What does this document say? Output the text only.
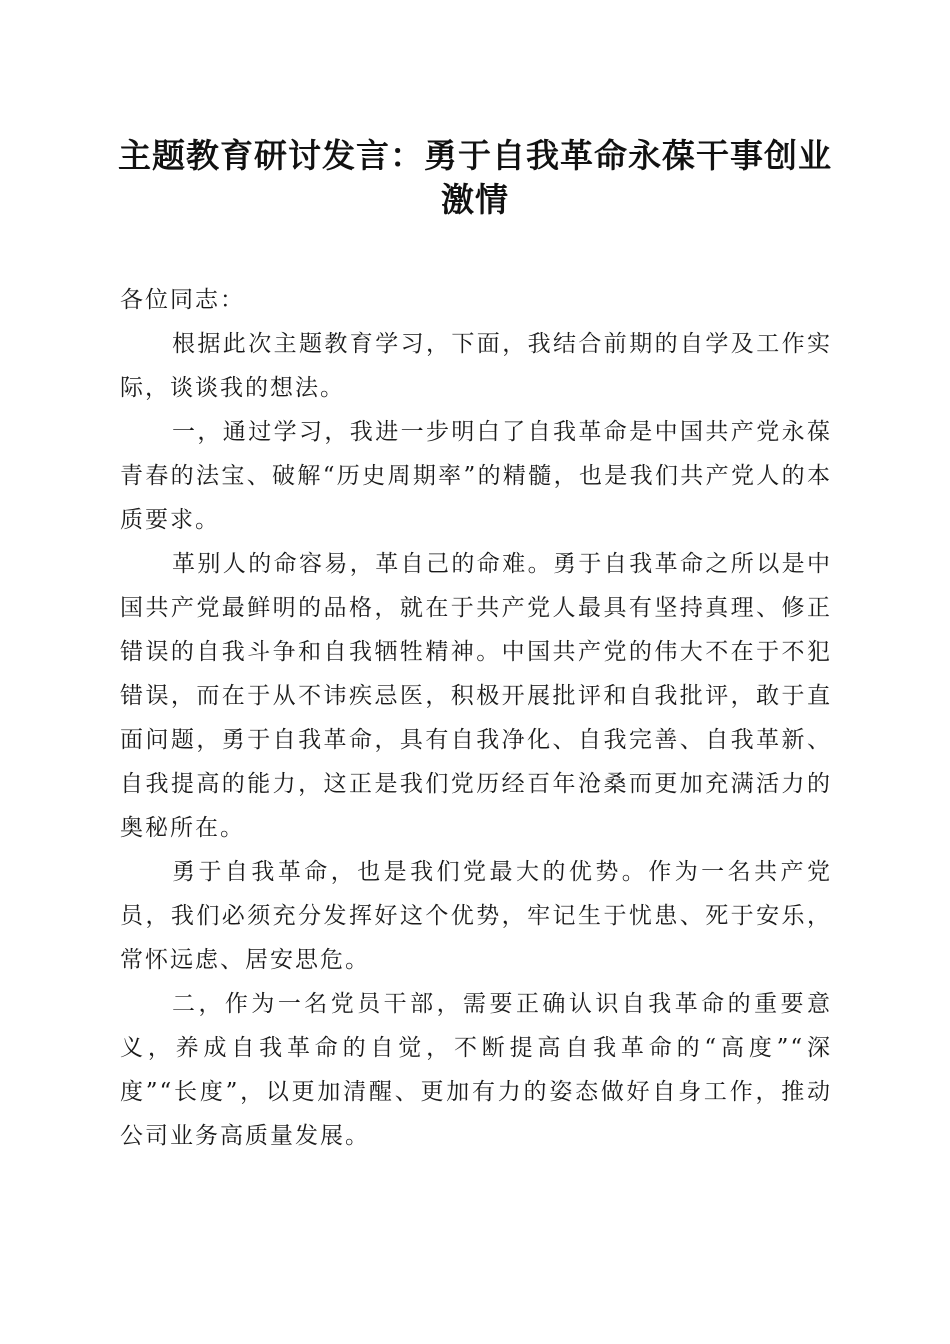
主题教育研讨发言：勇于自我革命永葆干事创业激情

各位同志：

根据此次主题教育学习，下面，我结合前期的自学及工作实际，谈谈我的想法。

一，通过学习，我进一步明白了自我革命是中国共产党永葆青春的法宝、破解“历史周期率”的精髓，也是我们共产党人的本质要求。

革别人的命容易，革自己的命难。勇于自我革命之所以是中国共产党最鲜明的品格，就在于共产党人最具有坚持真理、修正错误的自我斗争和自我牺牲精神。中国共产党的伟大不在于不犯错误，而在于从不讳疾忌医，积极开展批评和自我批评，敢于直面问题，勇于自我革命，具有自我净化、自我完善、自我革新、自我提高的能力，这正是我们党历经百年沧桑而更加充满活力的奥秘所在。

勇于自我革命，也是我们党最大的优势。作为一名共产党员，我们必须充分发挥好这个优势，牢记生于忧患、死于安乐，常怀远虑、居安思危。

二，作为一名党员干部，需要正确认识自我革命的重要意义，养成自我革命的自觉，不断提高自我革命的“高度”“深度”“长度”，以更加清醒、更加有力的姿态做好自身工作，推动公司业务高质量发展。
